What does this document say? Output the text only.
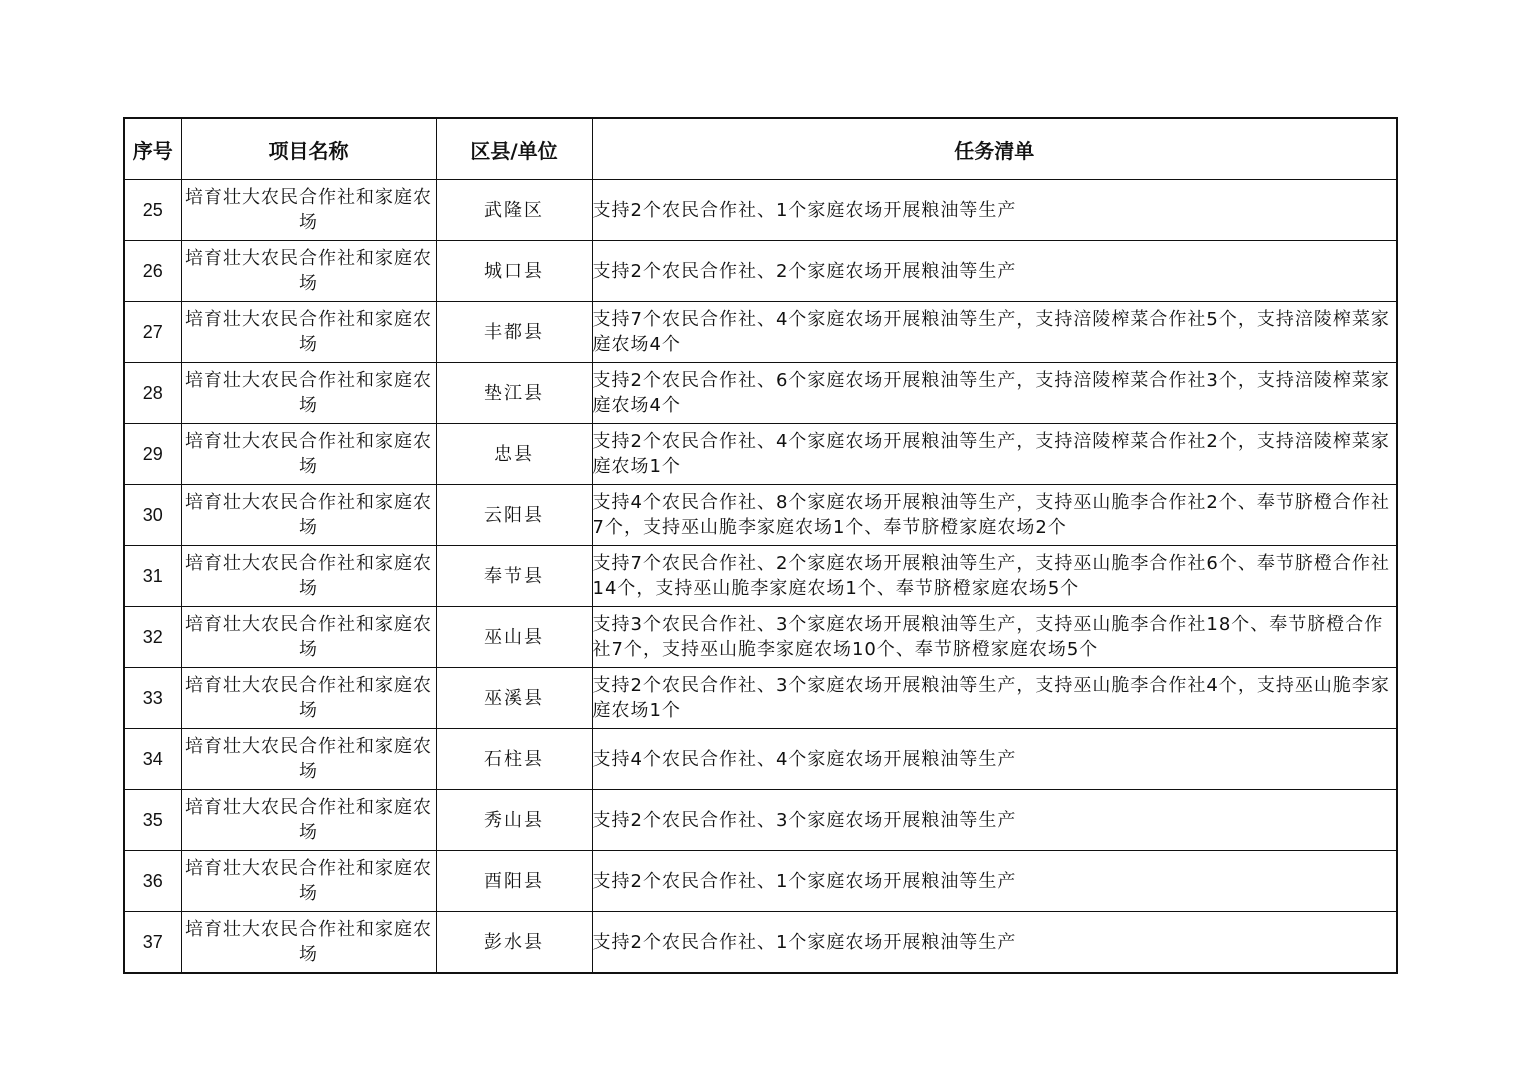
序号	项目名称	区县/单位	任务清单
25	培育壮大农民合作社和家庭农场	武隆区	支持2个农民合作社、1个家庭农场开展粮油等生产
26	培育壮大农民合作社和家庭农场	城口县	支持2个农民合作社、2个家庭农场开展粮油等生产
27	培育壮大农民合作社和家庭农场	丰都县	支持7个农民合作社、4个家庭农场开展粮油等生产，支持涪陵榨菜合作社5个，支持涪陵榨菜家庭农场4个
28	培育壮大农民合作社和家庭农场	垫江县	支持2个农民合作社、6个家庭农场开展粮油等生产，支持涪陵榨菜合作社3个，支持涪陵榨菜家庭农场4个
29	培育壮大农民合作社和家庭农场	忠县	支持2个农民合作社、4个家庭农场开展粮油等生产，支持涪陵榨菜合作社2个，支持涪陵榨菜家庭农场1个
30	培育壮大农民合作社和家庭农场	云阳县	支持4个农民合作社、8个家庭农场开展粮油等生产，支持巫山脆李合作社2个、奉节脐橙合作社7个，支持巫山脆李家庭农场1个、奉节脐橙家庭农场2个
31	培育壮大农民合作社和家庭农场	奉节县	支持7个农民合作社、2个家庭农场开展粮油等生产，支持巫山脆李合作社6个、奉节脐橙合作社14个，支持巫山脆李家庭农场1个、奉节脐橙家庭农场5个
32	培育壮大农民合作社和家庭农场	巫山县	支持3个农民合作社、3个家庭农场开展粮油等生产，支持巫山脆李合作社18个、奉节脐橙合作社7个，支持巫山脆李家庭农场10个、奉节脐橙家庭农场5个
33	培育壮大农民合作社和家庭农场	巫溪县	支持2个农民合作社、3个家庭农场开展粮油等生产，支持巫山脆李合作社4个，支持巫山脆李家庭农场1个
34	培育壮大农民合作社和家庭农场	石柱县	支持4个农民合作社、4个家庭农场开展粮油等生产
35	培育壮大农民合作社和家庭农场	秀山县	支持2个农民合作社、3个家庭农场开展粮油等生产
36	培育壮大农民合作社和家庭农场	酉阳县	支持2个农民合作社、1个家庭农场开展粮油等生产
37	培育壮大农民合作社和家庭农场	彭水县	支持2个农民合作社、1个家庭农场开展粮油等生产
